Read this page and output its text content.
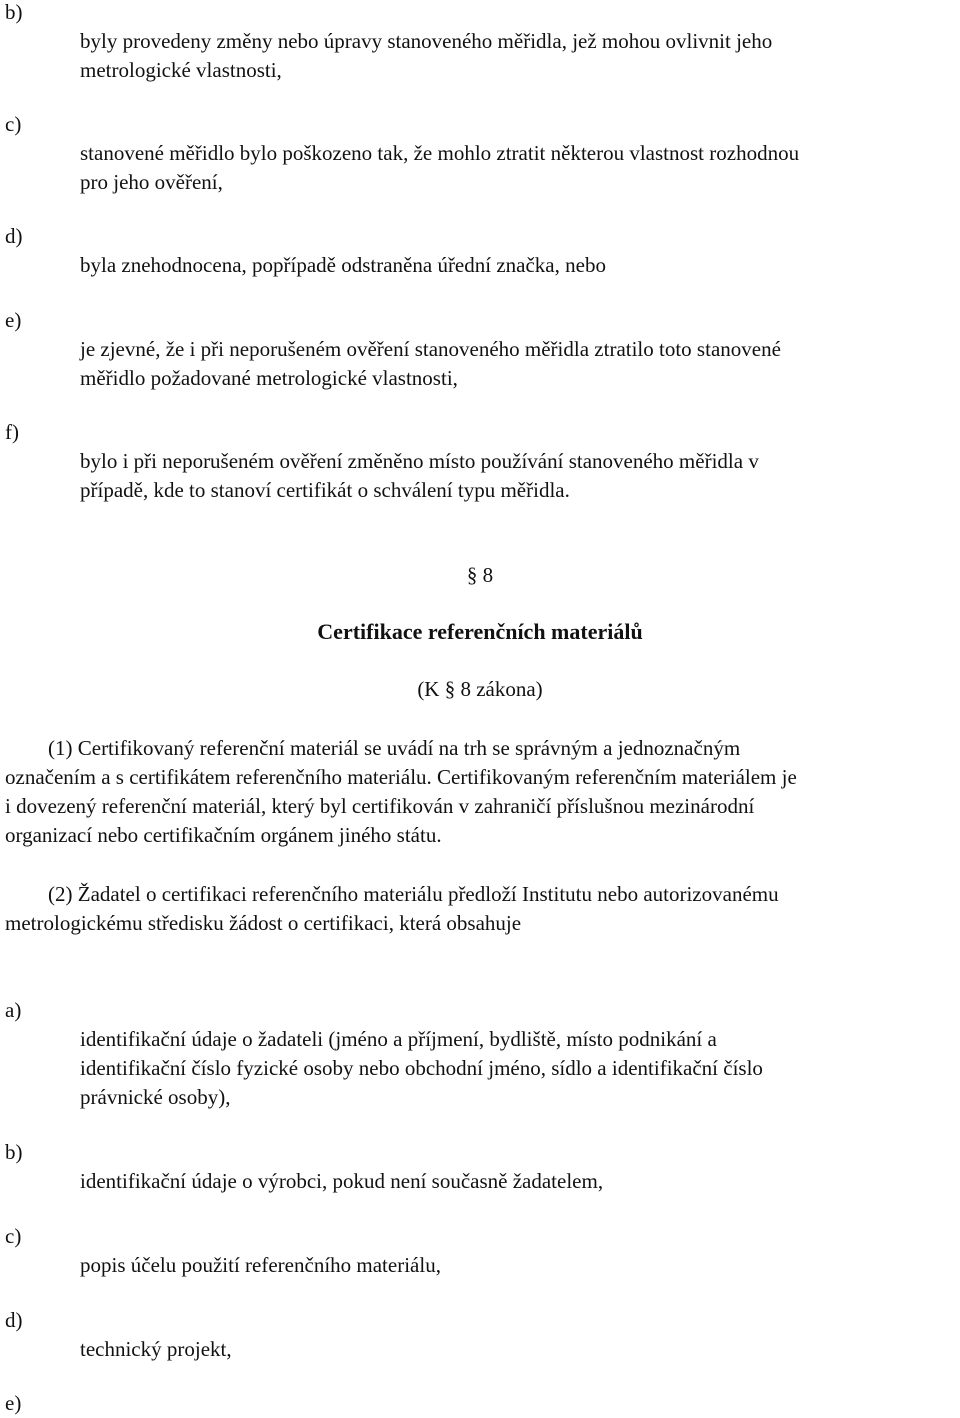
b)
byly provedeny změny nebo úpravy stanoveného měřidla, jež mohou ovlivnit jeho
metrologické vlastnosti,
c)
stanovené měřidlo bylo poškozeno tak, že mohlo ztratit některou vlastnost rozhodnou
pro jeho ověření,
d)
byla znehodnocena, popřípadě odstraněna úřední značka, nebo
e)
je zjevné, že i při neporušeném ověření stanoveného měřidla ztratilo toto stanovené
měřidlo požadované metrologické vlastnosti,
f)
bylo i při neporušeném ověření změněno místo používání stanoveného měřidla v
případě, kde to stanoví certifikát o schválení typu měřidla.
§ 8
Certifikace referenčních materiálů
(K § 8 zákona)
(1) Certifikovaný referenční materiál se uvádí na trh se správným a jednoznačným
označením a s certifikátem referenčního materiálu. Certifikovaným referenčním materiálem je
i dovezený referenční materiál, který byl certifikován v zahraničí příslušnou mezinárodní
organizací nebo certifikačním orgánem jiného státu.
(2) Žadatel o certifikaci referenčního materiálu předloží Institutu nebo autorizovanému
metrologickému středisku žádost o certifikaci, která obsahuje
a)
identifikační údaje o žadateli (jméno a příjmení, bydliště, místo podnikání a
identifikační číslo fyzické osoby nebo obchodní jméno, sídlo a identifikační číslo
právnické osoby),
b)
identifikační údaje o výrobci, pokud není současně žadatelem,
c)
popis účelu použití referenčního materiálu,
d)
technický projekt,
e)
